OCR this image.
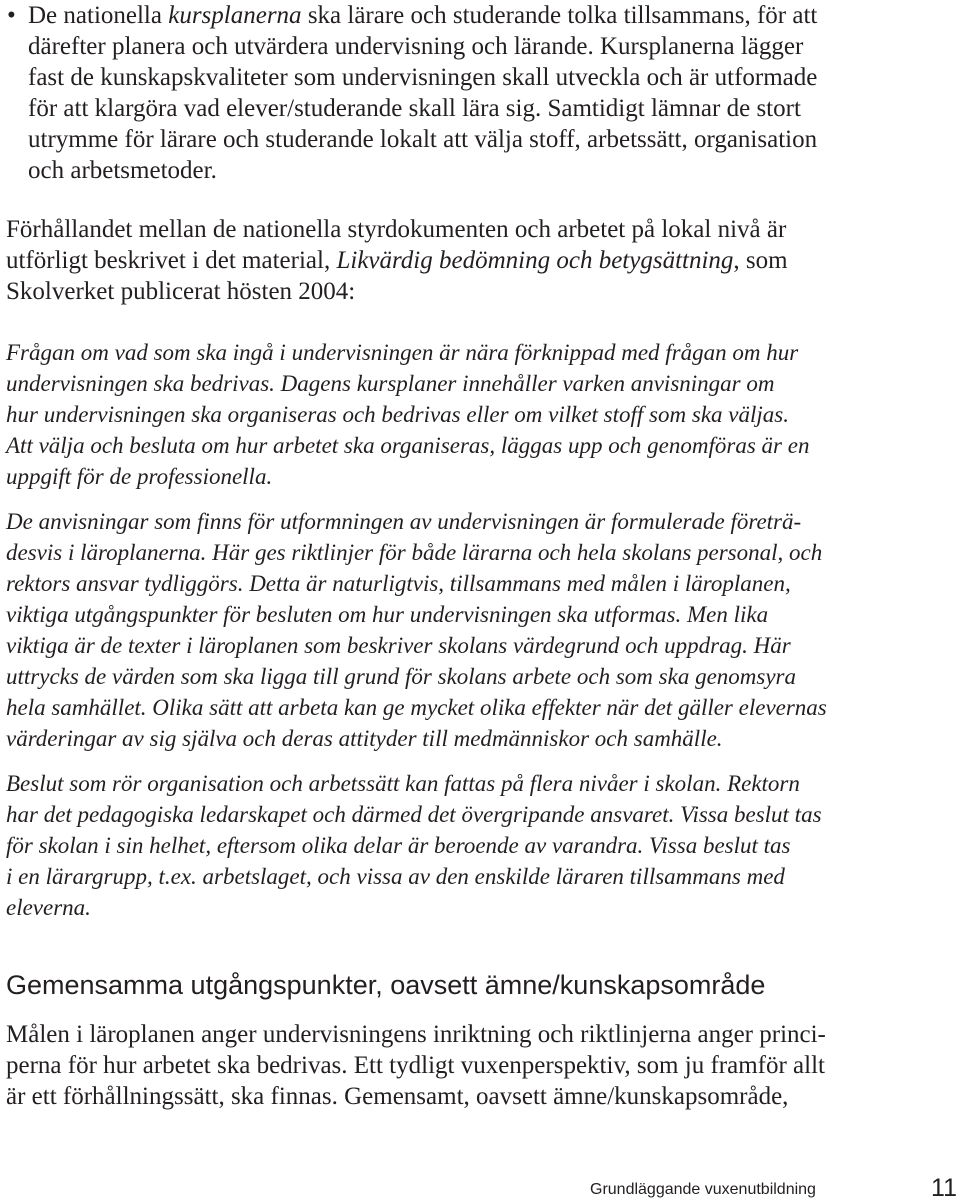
• De nationella kursplanerna ska lärare och studerande tolka tillsammans, för att
därefter planera och utvärdera undervisning och lärande. Kursplanerna lägger
fast de kunskapskvaliteter som undervisningen skall utveckla och är utformade
för att klargöra vad elever/studerande skall lära sig. Samtidigt lämnar de stort
utrymme för lärare och studerande lokalt att välja stoff, arbetssätt, organisation
och arbetsmetoder.
Förhållandet mellan de nationella styrdokumenten och arbetet på lokal nivå är
utförligt beskrivet i det material, Likvärdig bedömning och betygsättning, som
Skolverket publicerat hösten 2004:
Frågan om vad som ska ingå i undervisningen är nära förknippad med frågan om hur
undervisningen ska bedrivas. Dagens kursplaner innehåller varken anvisningar om
hur undervisningen ska organiseras och bedrivas eller om vilket stoff som ska väljas.
Att välja och besluta om hur arbetet ska organiseras, läggas upp och genomföras är en
uppgift för de professionella.
De anvisningar som finns för utformningen av undervisningen är formulerade företrä-
desvis i läroplanerna. Här ges riktlinjer för både lärarna och hela skolans personal, och
rektors ansvar tydliggörs. Detta är naturligtvis, tillsammans med målen i läroplanen,
viktiga utgångspunkter för besluten om hur undervisningen ska utformas. Men lika
viktiga är de texter i läroplanen som beskriver skolans värdegrund och uppdrag. Här
uttrycks de värden som ska ligga till grund för skolans arbete och som ska genomsyra
hela samhället. Olika sätt att arbeta kan ge mycket olika effekter när det gäller elevernas
värderingar av sig själva och deras attityder till medmänniskor och samhälle.
Beslut som rör organisation och arbetssätt kan fattas på flera nivåer i skolan. Rektorn
har det pedagogiska ledarskapet och därmed det övergripande ansvaret. Vissa beslut tas
för skolan i sin helhet, eftersom olika delar är beroende av varandra. Vissa beslut tas
i en lärargrupp, t.ex. arbetslaget, och vissa av den enskilde läraren tillsammans med
eleverna.
Gemensamma utgångspunkter, oavsett ämne/kunskapsområde
Målen i läroplanen anger undervisningens inriktning och riktlinjerna anger princi-
perna för hur arbetet ska bedrivas. Ett tydligt vuxenperspektiv, som ju framför allt
är ett förhållningssätt, ska finnas. Gemensamt, oavsett ämne/kunskapsområde,
Grundläggande vuxenutbildning	11
